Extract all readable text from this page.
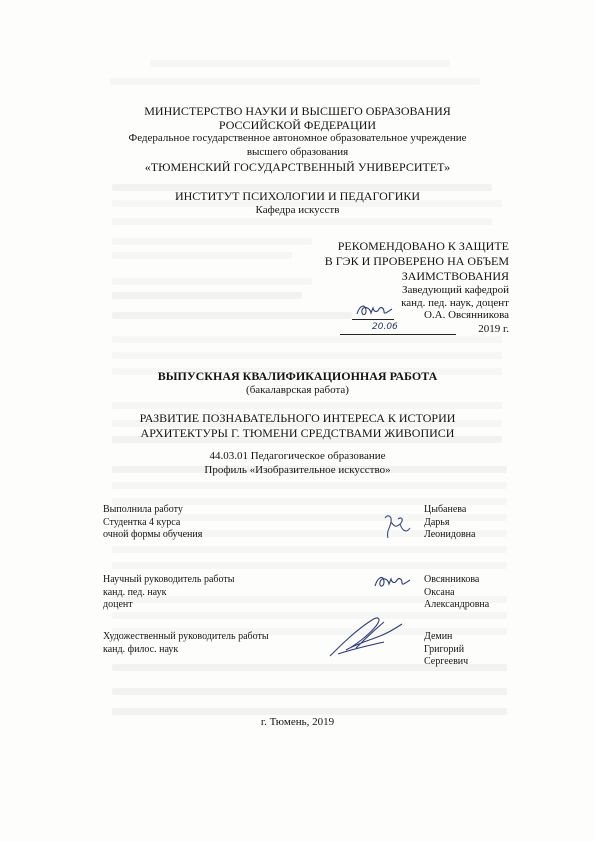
МИНИСТЕРСТВО НАУКИ И ВЫСШЕГО ОБРАЗОВАНИЯ
РОССИЙСКОЙ ФЕДЕРАЦИИ
Федеральное государственное автономное образовательное учреждение
высшего образования
«ТЮМЕНСКИЙ ГОСУДАРСТВЕННЫЙ УНИВЕРСИТЕТ»
ИНСТИТУТ ПСИХОЛОГИИ И ПЕДАГОГИКИ
Кафедра искусств
РЕКОМЕНДОВАНО К ЗАЩИТЕ
В ГЭК И ПРОВЕРЕНО НА ОБЪЕМ
ЗАИМСТВОВАНИЯ
Заведующий кафедрой
канд. пед. наук, доцент
О.А. Овсянникова
20.06	2019 г.
ВЫПУСКНАЯ КВАЛИФИКАЦИОННАЯ РАБОТА
(бакалаврская работа)
РАЗВИТИЕ ПОЗНАВАТЕЛЬНОГО ИНТЕРЕСА К ИСТОРИИ
АРХИТЕКТУРЫ Г. ТЮМЕНИ СРЕДСТВАМИ ЖИВОПИСИ
44.03.01 Педагогическое образование
Профиль «Изобразительное искусство»
Выполнила работу
Студентка 4 курса
очной формы обучения
Цыбанева
Дарья
Леонидовна
Научный руководитель работы
канд. пед. наук
доцент
Овсянникова
Оксана
Александровна
Художественный руководитель работы
канд. филос. наук
Демин
Григорий
Сергеевич
г. Тюмень, 2019
